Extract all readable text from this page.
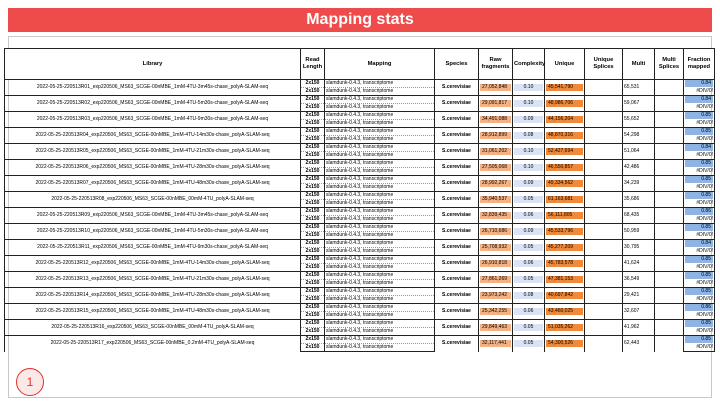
Mapping stats
Library	Read Length	Mapping	Species	Raw fragments	Complexity	Unique	Unique Splices	Multi	Multi Splices	Fraction mapped
2022-05-25-220513R01_exp220506_MS63_SCGE-00nMBE_1mM-4TU-3m45s-chase_polyA-SLAM-seq	2x150	slamdunk-0.4.3, transcriptome	S.cerevisiae	27,052,848	0.10	45,541,790		65,531		0.84

	2x150	slamdunk-0.4.3, transcriptome								#DIV/0!
2022-05-25-220513R02_exp220506_MS63_SCGE-00nMBE_1mM-4TU-5m30s-chase_polyA-SLAM-seq	2x150	slamdunk-0.4.3, transcriptome	S.cerevisiae	29,091,817	0.10	48,986,706		59,067		0.84

	2x150	slamdunk-0.4.3, transcriptome								#DIV/0!
2022-05-25-220513R03_exp220506_MS63_SCGE-00nMBE_1mM-4TU-9m30s-chase_polyA-SLAM-seq	2x150	slamdunk-0.4.3, transcriptome	S.cerevisiae	34,491,088	0.09	44,156,204		55,652		0.85

	2x150	slamdunk-0.4.3, transcriptome								#DIV/0!
2022-05-25-220513R04_exp220506_MS63_SCGE-00nMBE_1mM-4TU-14m30s-chase_polyA-SLAM-seq	2x150	slamdunk-0.4.3, transcriptome	S.cerevisiae	28,912,899	0.08	48,870,316		54,298		0.85

	2x150	slamdunk-0.4.3, transcriptome								#DIV/0!
2022-05-25-220513R05_exp220506_MS63_SCGE-00nMBE_1mM-4TU-21m30s-chase_polyA-SLAM-seq	2x150	slamdunk-0.4.3, transcriptome	S.cerevisiae	31,061,202	0.10	52,427,694		51,064		0.84

	2x150	slamdunk-0.4.3, transcriptome								#DIV/0!
2022-05-25-220513R06_exp220506_MS63_SCGE-00nMBE_1mM-4TU-28m30s-chase_polyA-SLAM-seq	2x150	slamdunk-0.4.3, transcriptome	S.cerevisiae	27,505,068	0.10	46,550,857		42,486		0.85

	2x150	slamdunk-0.4.3, transcriptome								#DIV/0!
2022-05-25-220513R07_exp220506_MS63_SCGE-00nMBE_1mM-4TU-48m30s-chase_polyA-SLAM-seq	2x150	slamdunk-0.4.3, transcriptome	S.cerevisiae	28,992,267	0.09	49,334,562		34,239		0.85

	2x150	slamdunk-0.4.3, transcriptome								#DIV/0!
2022-05-25-220513R08_exp220506_MS63_SCGE-00nMBE_00mM-4TU_polyA-SLAM-seq	2x150	slamdunk-0.4.3, transcriptome	S.cerevisiae	35,940,537	0.05	61,163,681		35,686		0.85

	2x150	slamdunk-0.4.3, transcriptome								#DIV/0!
2022-05-25-220513R09_exp220506_MS63_SCGE-00nMBE_1mM-4TU-3m45s-chase_polyA-SLAM-seq	2x150	slamdunk-0.4.3, transcriptome	S.cerevisiae	32,839,435	0.06	56,111,805		68,435		0.86

	2x150	slamdunk-0.4.3, transcriptome								#DIV/0!
2022-05-25-220513R10_exp220506_MS63_SCGE-00nMBE_1mM-4TU-5m30s-chase_polyA-SLAM-seq	2x150	slamdunk-0.4.3, transcriptome	S.cerevisiae	26,710,686	0.09	45,533,796		50,959		0.85

	2x150	slamdunk-0.4.3, transcriptome								#DIV/0!
2022-05-25-220513R11_exp220506_MS63_SCGE-00nMBE_1mM-4TU-9m30s-chase_polyA-SLAM-seq	2x150	slamdunk-0.4.3, transcriptome	S.cerevisiae	25,708,932	0.05	45,277,209		30,795		0.84

	2x150	slamdunk-0.4.3, transcriptome								#DIV/0!
2022-05-25-220513R12_exp220506_MS63_SCGE-00nMBE_1mM-4TU-14m30s-chase_polyA-SLAM-seq	2x150	slamdunk-0.4.3, transcriptome	S.cerevisiae	26,910,818	0.06	45,783,578		41,624		0.85

	2x150	slamdunk-0.4.3, transcriptome								#DIV/0!
2022-05-25-220513R13_exp220506_MS63_SCGE-00nMBE_1mM-4TU-21m30s-chase_polyA-SLAM-seq	2x150	slamdunk-0.4.3, transcriptome	S.cerevisiae	27,861,269	0.05	47,381,153		36,549		0.85

	2x150	slamdunk-0.4.3, transcriptome								#DIV/0!
2022-05-25-220513R14_exp220506_MS63_SCGE-00nMBE_1mM-4TU-28m30s-chase_polyA-SLAM-seq	2x150	slamdunk-0.4.3, transcriptome	S.cerevisiae	23,973,242	0.08	40,697,842		29,421		0.85

	2x150	slamdunk-0.4.3, transcriptome								#DIV/0!
2022-05-25-220513R15_exp220506_MS63_SCGE-00nMBE_1mM-4TU-48m30s-chase_polyA-SLAM-seq	2x150	slamdunk-0.4.3, transcriptome	S.cerevisiae	25,342,255	0.06	43,460,025		32,607		0.86

	2x150	slamdunk-0.4.3, transcriptome								#DIV/0!
2022-05-25-220513R16_exp220506_MS63_SCGE-00nMBE_00mM-4TU_polyA-SLAM-seq	2x150	slamdunk-0.4.3, transcriptome	S.cerevisiae	29,849,463	0.05	51,035,262		41,962		0.85

	2x150	slamdunk-0.4.3, transcriptome								#DIV/0!
2022-05-25-220513R17_exp220506_MS63_SCGE-00nMBE_0.2mM-4TU_polyA-SLAM-seq	2x150	slamdunk-0.4.3, transcriptome	S.cerevisiae	32,117,441	0.05	54,300,526		62,443		0.85

	2x150	slamdunk-0.4.3, transcriptome								#DIV/0!
1
